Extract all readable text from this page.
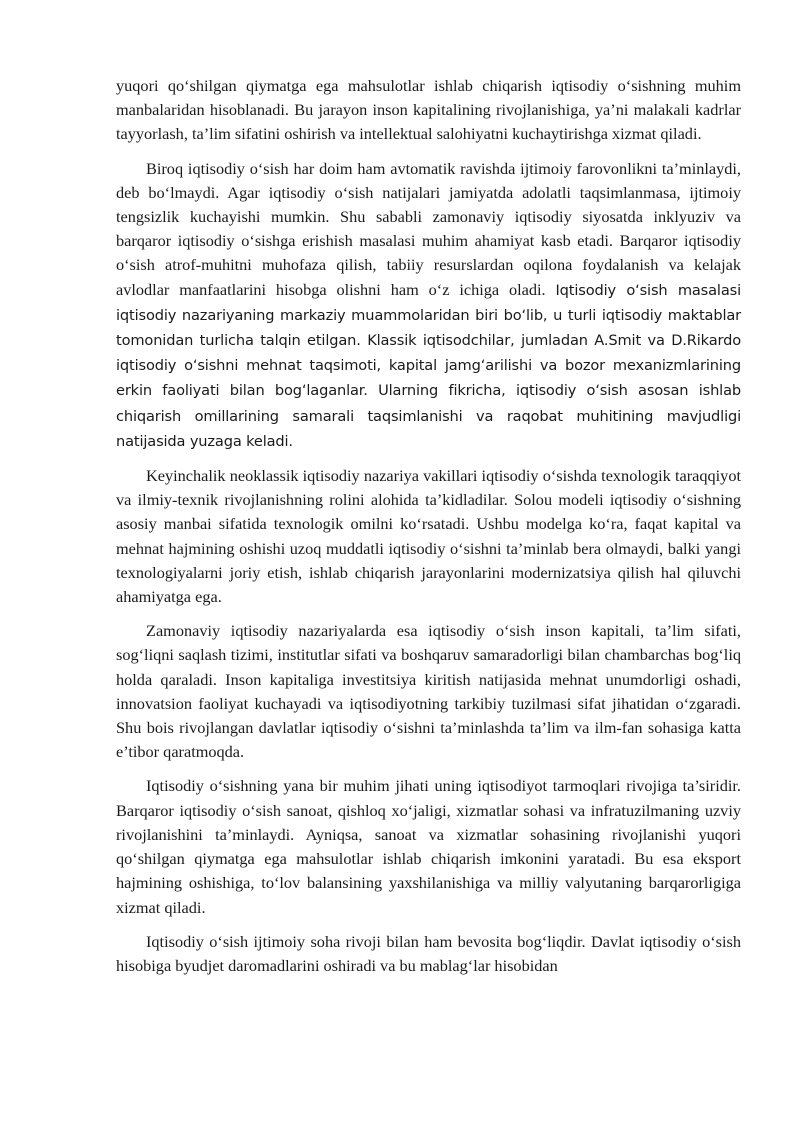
yuqori qo‘shilgan qiymatga ega mahsulotlar ishlab chiqarish iqtisodiy o‘sishning muhim manbalaridan hisoblanadi. Bu jarayon inson kapitalining rivojlanishiga, ya’ni malakali kadrlar tayyorlash, ta’lim sifatini oshirish va intellektual salohiyatni kuchaytirishga xizmat qiladi.

Biroq iqtisodiy o‘sish har doim ham avtomatik ravishda ijtimoiy farovonlikni ta’minlaydi, deb bo‘lmaydi. Agar iqtisodiy o‘sish natijalari jamiyatda adolatli taqsimlanmasa, ijtimoiy tengsizlik kuchayishi mumkin. Shu sababli zamonaviy iqtisodiy siyosatda inklyuziv va barqaror iqtisodiy o‘sishga erishish masalasi muhim ahamiyat kasb etadi. Barqaror iqtisodiy o‘sish atrof-muhitni muhofaza qilish, tabiiy resurslardan oqilona foydalanish va kelajak avlodlar manfaatlarini hisobga olishni ham o‘z ichiga oladi. Iqtisodiy o‘sish masalasi iqtisodiy nazariyaning markaziy muammolaridan biri bo‘lib, u turli iqtisodiy maktablar tomonidan turlicha talqin etilgan. Klassik iqtisodchilar, jumladan A.Smit va D.Rikardo iqtisodiy o‘sishni mehnat taqsimoti, kapital jamg‘arilishi va bozor mexanizmlarining erkin faoliyati bilan bog‘laganlar. Ularning fikricha, iqtisodiy o‘sish asosan ishlab chiqarish omillarining samarali taqsimlanishi va raqobat muhitining mavjudligi natijasida yuzaga keladi.

Keyinchalik neoklassik iqtisodiy nazariya vakillari iqtisodiy o‘sishda texnologik taraqqiyot va ilmiy-texnik rivojlanishning rolini alohida ta’kidladilar. Solou modeli iqtisodiy o‘sishning asosiy manbai sifatida texnologik omilni ko‘rsatadi. Ushbu modelga ko‘ra, faqat kapital va mehnat hajmining oshishi uzoq muddatli iqtisodiy o‘sishni ta’minlab bera olmaydi, balki yangi texnologiyalarni joriy etish, ishlab chiqarish jarayonlarini modernizatsiya qilish hal qiluvchi ahamiyatga ega.

Zamonaviy iqtisodiy nazariyalarda esa iqtisodiy o‘sish inson kapitali, ta’lim sifati, sog‘liqni saqlash tizimi, institutlar sifati va boshqaruv samaradorligi bilan chambarchas bog‘liq holda qaraladi. Inson kapitaliga investitsiya kiritish natijasida mehnat unumdorligi oshadi, innovatsion faoliyat kuchayadi va iqtisodiyotning tarkibiy tuzilmasi sifat jihatidan o‘zgaradi. Shu bois rivojlangan davlatlar iqtisodiy o‘sishni ta’minlashda ta’lim va ilm-fan sohasiga katta e’tibor qaratmoqda.

Iqtisodiy o‘sishning yana bir muhim jihati uning iqtisodiyot tarmoqlari rivojiga ta’siridir. Barqaror iqtisodiy o‘sish sanoat, qishloq xo‘jaligi, xizmatlar sohasi va infratuzilmaning uzviy rivojlanishini ta’minlaydi. Ayniqsa, sanoat va xizmatlar sohasining rivojlanishi yuqori qo‘shilgan qiymatga ega mahsulotlar ishlab chiqarish imkonini yaratadi. Bu esa eksport hajmining oshishiga, to‘lov balansining yaxshilanishiga va milliy valyutaning barqarorligiga xizmat qiladi.

Iqtisodiy o‘sish ijtimoiy soha rivoji bilan ham bevosita bog‘liqdir. Davlat iqtisodiy o‘sish hisobiga byudjet daromadlarini oshiradi va bu mablag‘lar hisobidan
